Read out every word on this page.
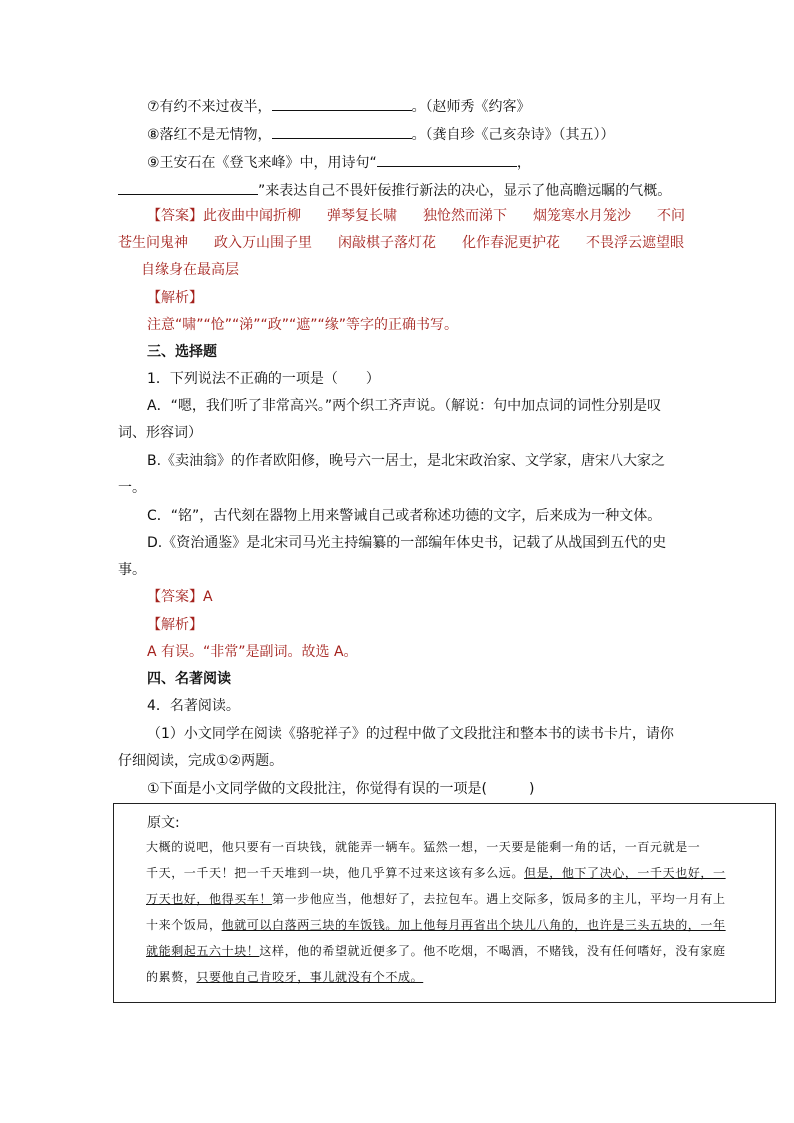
⑦有约不来过夜半，	。（赵师秀《约客》
⑧落红不是无情物，	。（龚自珍《己亥杂诗》（其五））
⑨王安石在《登飞来峰》中，用诗句“	，
”来表达自己不畏奸佞推行新法的决心，显示了他高瞻远瞩的气概。
【答案】此夜曲中闻折柳 弹琴复长啸 独怆然而涕下 烟笼寒水月笼沙 不问
苍生问鬼神 政入万山围子里 闲敲棋子落灯花 化作春泥更护花 不畏浮云遮望眼
自缘身在最高层
【解析】
注意“啸”“怆”“涕”“政”“遮”“缘”等字的正确书写。
三、选择题
1．下列说法不正确的一项是（　　）
A．“嗯，我们听了非常高兴。”两个织工齐声说。（解说：句中加点词的词性分别是叹
词、形容词）
B.《卖油翁》的作者欧阳修，晚号六一居士，是北宋政治家、文学家，唐宋八大家之
一。
C．“铭”，古代刻在器物上用来警诫自己或者称述功德的文字，后来成为一种文体。
D.《资治通鉴》是北宋司马光主持编纂的一部编年体史书，记载了从战国到五代的史
事。
【答案】A
【解析】
A 有误。“非常”是副词。故选 A。
四、名著阅读
4．名著阅读。
（1）小文同学在阅读《骆驼祥子》的过程中做了文段批注和整本书的读书卡片，请你
仔细阅读，完成①②两题。
①下面是小文同学做的文段批注，你觉得有误的一项是(　　　)
原文:
大概的说吧，他只要有一百块钱，就能弄一辆车。猛然一想，一天要是能剩一角的话，一百元就是一
千天，一千天！把一千天堆到一块，他几乎算不过来这该有多么远。但是，他下了决心，一千天也好，一
万天也好，他得买车！第一步他应当，他想好了，去拉包车。遇上交际多，饭局多的主儿，平均一月有上
十来个饭局，他就可以白落两三块的车饭钱。加上他每月再省出个块儿八角的，也许是三头五块的，一年
就能剩起五六十块！这样，他的希望就近便多了。他不吃烟，不喝酒，不赌钱，没有任何嗜好，没有家庭
的累赘，只要他自己肯咬牙，事儿就没有个不成。
